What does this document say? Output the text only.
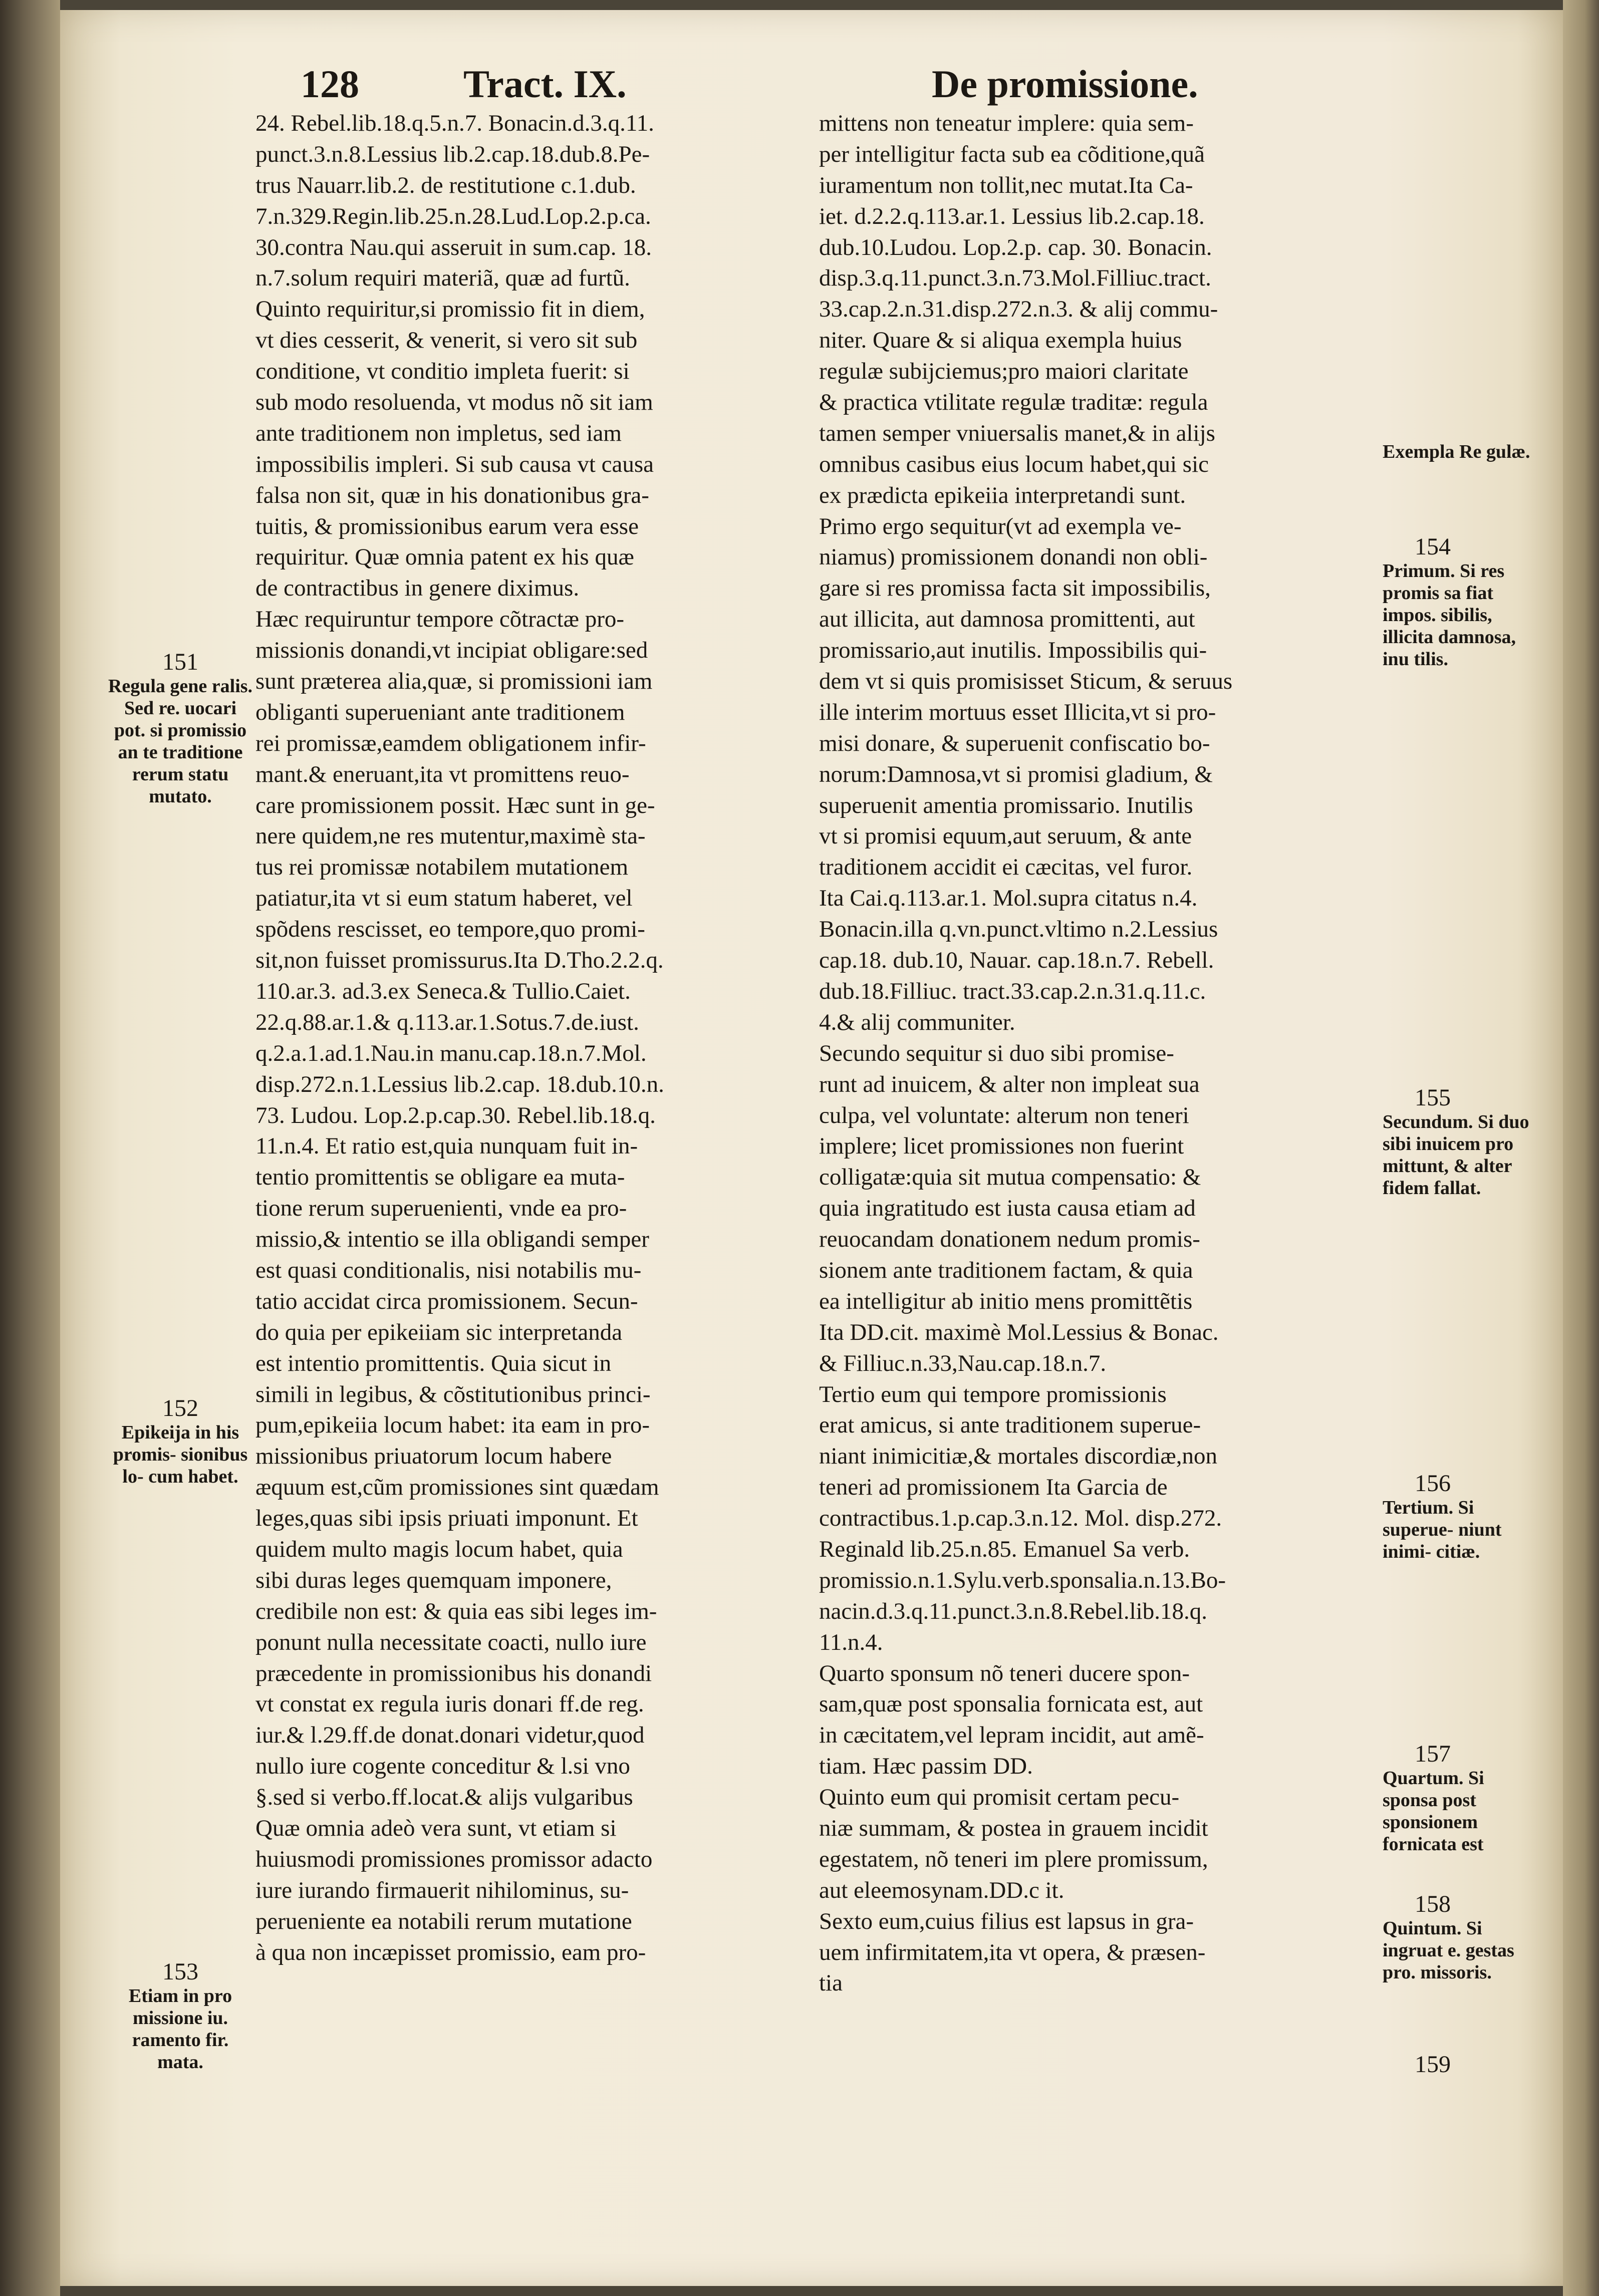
128	Tract. IX.	De promissione.
24. Rebel.lib.18.q.5.n.7. Bonacin.d.3.q.11.
punct.3.n.8.Lessius lib.2.cap.18.dub.8.Pe-
trus Nauarr.lib.2. de restitutione c.1.dub.
7.n.329.Regin.lib.25.n.28.Lud.Lop.2.p.ca.
30.contra Nau.qui asseruit in sum.cap. 18.
n.7.solum requiri materiã, quæ ad furtũ.
Quinto requiritur,si promissio fit in diem,
vt dies cesserit, & venerit, si vero sit sub
conditione, vt conditio impleta fuerit: si
sub modo resoluenda, vt modus nõ sit iam
ante traditionem non impletus, sed iam
impossibilis impleri. Si sub causa vt causa
falsa non sit, quæ in his donationibus gra-
tuitis, & promissionibus earum vera esse
requiritur. Quæ omnia patent ex his quæ
de contractibus in genere diximus.
Hæc requiruntur tempore cõtractæ pro-
missionis donandi,vt incipiat obligare:sed
sunt præterea alia,quæ, si promissioni iam
obliganti superueniant ante traditionem
rei promissæ,eamdem obligationem infir-
mant.& eneruant,ita vt promittens reuo-
care promissionem possit. Hæc sunt in ge-
nere quidem,ne res mutentur,maximè sta-
tus rei promissæ notabilem mutationem
patiatur,ita vt si eum statum haberet, vel
spõdens rescisset, eo tempore,quo promi-
sit,non fuisset promissurus.Ita D.Tho.2.2.q.
110.ar.3. ad.3.ex Seneca.& Tullio.Caiet.
22.q.88.ar.1.& q.113.ar.1.Sotus.7.de.iust.
q.2.a.1.ad.1.Nau.in manu.cap.18.n.7.Mol.
disp.272.n.1.Lessius lib.2.cap. 18.dub.10.n.
73. Ludou. Lop.2.p.cap.30. Rebel.lib.18.q.
11.n.4. Et ratio est,quia nunquam fuit in-
tentio promittentis se obligare ea muta-
tione rerum superuenienti, vnde ea pro-
missio,& intentio se illa obligandi semper
est quasi conditionalis, nisi notabilis mu-
tatio accidat circa promissionem. Secun-
do quia per epikeiiam sic interpretanda
est intentio promittentis. Quia sicut in
simili in legibus, & cõstitutionibus princi-
pum,epikeiia locum habet: ita eam in pro-
missionibus priuatorum locum habere
æquum est,cũm promissiones sint quædam
leges,quas sibi ipsis priuati imponunt. Et
quidem multo magis locum habet, quia
sibi duras leges quemquam imponere,
credibile non est: & quia eas sibi leges im-
ponunt nulla necessitate coacti, nullo iure
præcedente in promissionibus his donandi
vt constat ex regula iuris donari ff.de reg.
iur.& l.29.ff.de donat.donari videtur,quod
nullo iure cogente conceditur & l.si vno
§.sed si verbo.ff.locat.& alijs vulgaribus
Quæ omnia adeò vera sunt, vt etiam si
huiusmodi promissiones promissor adacto
iure iurando firmauerit nihilominus, su-
perueniente ea notabili rerum mutatione
à qua non incæpisset promissio, eam pro-
mittens non teneatur implere: quia sem-
per intelligitur facta sub ea cõditione,quã
iuramentum non tollit,nec mutat.Ita Ca-
iet. d.2.2.q.113.ar.1. Lessius lib.2.cap.18.
dub.10.Ludou. Lop.2.p. cap. 30. Bonacin.
disp.3.q.11.punct.3.n.73.Mol.Filliuc.tract.
33.cap.2.n.31.disp.272.n.3. & alij commu-
niter. Quare & si aliqua exempla huius
regulæ subijciemus;pro maiori claritate
& practica vtilitate regulæ traditæ: regula
tamen semper vniuersalis manet,& in alijs
omnibus casibus eius locum habet,qui sic
ex prædicta epikeiia interpretandi sunt.
Primo ergo sequitur(vt ad exempla ve-
niamus) promissionem donandi non obli-
gare si res promissa facta sit impossibilis,
aut illicita, aut damnosa promittenti, aut
promissario,aut inutilis. Impossibilis qui-
dem vt si quis promisisset Sticum, & seruus
ille interim mortuus esset Illicita,vt si pro-
misi donare, & superuenit confiscatio bo-
norum:Damnosa,vt si promisi gladium, &
superuenit amentia promissario. Inutilis
vt si promisi equum,aut seruum, & ante
traditionem accidit ei cæcitas, vel furor.
Ita Cai.q.113.ar.1. Mol.supra citatus n.4.
Bonacin.illa q.vn.punct.vltimo n.2.Lessius
cap.18. dub.10, Nauar. cap.18.n.7. Rebell.
dub.18.Filliuc. tract.33.cap.2.n.31.q.11.c.
4.& alij communiter.
Secundo sequitur si duo sibi promise-
runt ad inuicem, & alter non impleat sua
culpa, vel voluntate: alterum non teneri
implere; licet promissiones non fuerint
colligatæ:quia sit mutua compensatio: &
quia ingratitudo est iusta causa etiam ad
reuocandam donationem nedum promis-
sionem ante traditionem factam, & quia
ea intelligitur ab initio mens promittẽtis
Ita DD.cit. maximè Mol.Lessius & Bonac.
& Filliuc.n.33,Nau.cap.18.n.7.
Tertio eum qui tempore promissionis
erat amicus, si ante traditionem superue-
niant inimicitiæ,& mortales discordiæ,non
teneri ad promissionem Ita Garcia de
contractibus.1.p.cap.3.n.12. Mol. disp.272.
Reginald lib.25.n.85. Emanuel Sa verb.
promissio.n.1.Sylu.verb.sponsalia.n.13.Bo-
nacin.d.3.q.11.punct.3.n.8.Rebel.lib.18.q.
11.n.4.
Quarto sponsum nõ teneri ducere spon-
sam,quæ post sponsalia fornicata est, aut
in cæcitatem,vel lepram incidit, aut amẽ-
tiam. Hæc passim DD.
Quinto eum qui promisit certam pecu-
niæ summam, & postea in grauem incidit
egestatem, nõ teneri im plere promissum,
aut eleemosynam.DD.c it.
Sexto eum,cuius filius est lapsus in gra-
uem infirmitatem,ita vt opera, & præsen-
tia
151
Regula gene ralis. Sed re. uocari pot. si promissio an te traditione rerum statu mutato.
152
Epikeija in his promis- sionibus lo- cum habet.
153
Etiam in pro missione iu. ramento fir. mata.
Exempla Re gulæ.
154
Primum. Si res promis sa fiat impos. sibilis, illicita damnosa, inu tilis.
155
Secundum. Si duo sibi inuicem pro mittunt, & alter fidem fallat.
156
Tertium. Si superue- niunt inimi- citiæ.
157
Quartum. Si sponsa post sponsionem fornicata est
158
Quintum. Si ingruat e. gestas pro. missoris.
159
